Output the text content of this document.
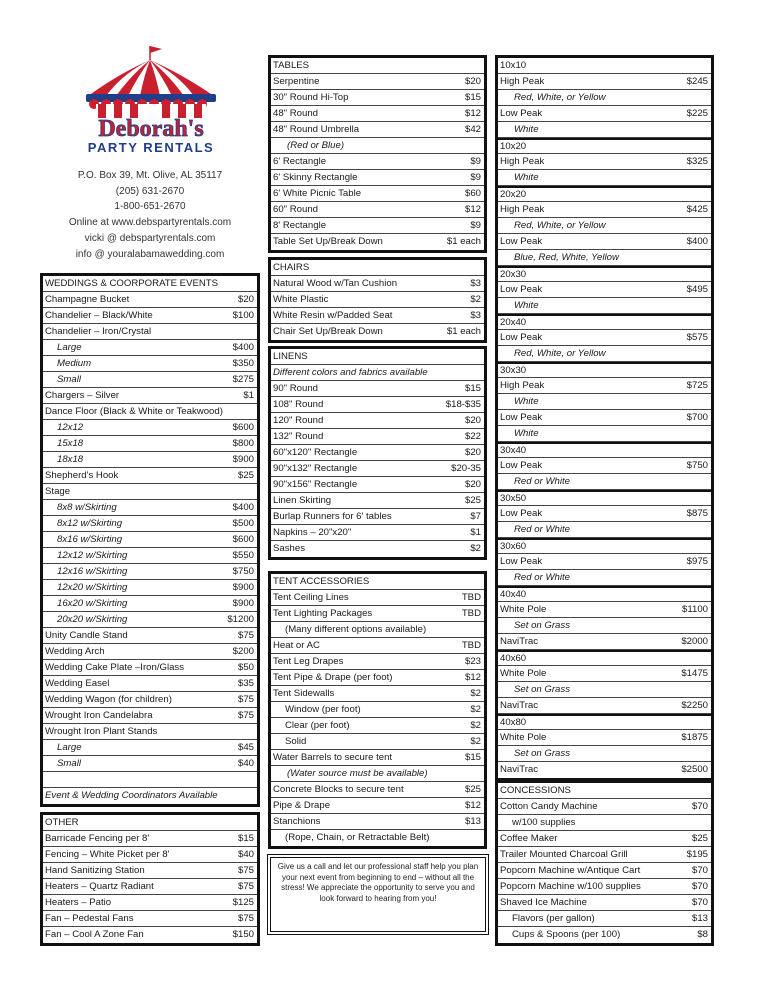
Deborah's
PARTY RENTALS
P.O. Box 39, Mt. Olive, AL 35117
(205) 631-2670
1-800-651-2670
Online at www.debspartyrentals.com
vicki @ debspartyrentals.com
info @ youralabamawedding.com
WEDDINGS & COORPORATE EVENTS
Champagne Bucket	$20
Chandelier – Black/White	$100
Chandelier – Iron/Crystal
Large	$400
Medium	$350
Small	$275
Chargers – Silver	$1
Dance Floor (Black & White or Teakwood)
12x12	$600
15x18	$800
18x18	$900
Shepherd's Hook	$25
Stage
8x8 w/Skirting	$400
8x12 w/Skirting	$500
8x16 w/Skirting	$600
12x12 w/Skirting	$550
12x16 w/Skirting	$750
12x20 w/Skirting	$900
16x20 w/Skirting	$900
20x20 w/Skirting	$1200
Unity Candle Stand	$75
Wedding Arch	$200
Wedding Cake Plate –Iron/Glass	$50
Wedding Easel	$35
Wedding Wagon (for children)	$75
Wrought Iron Candelabra	$75
Wrought Iron Plant Stands
Large	$45
Small	$40
Event & Wedding Coordinators Available
OTHER
Barricade Fencing per 8'	$15
Fencing – White Picket per 8'	$40
Hand Sanitizing Station	$75
Heaters – Quartz Radiant	$75
Heaters – Patio	$125
Fan – Pedestal Fans	$75
Fan – Cool A Zone Fan	$150
TABLES
Serpentine	$20
30" Round Hi-Top	$15
48" Round	$12
48" Round Umbrella	$42
(Red or Blue)
6' Rectangle	$9
6' Skinny Rectangle	$9
6' White Picnic Table	$60
60" Round	$12
8' Rectangle	$9
Table Set Up/Break Down	$1 each
CHAIRS
Natural Wood w/Tan Cushion	$3
White Plastic	$2
White Resin w/Padded Seat	$3
Chair Set Up/Break Down	$1 each
LINENS
Different colors and fabrics available
90" Round	$15
108" Round	$18-$35
120" Round	$20
132" Round	$22
60"x120" Rectangle	$20
90"x132" Rectangle	$20-35
90"x156" Rectangle	$20
Linen Skirting	$25
Burlap Runners for 6' tables	$7
Napkins – 20"x20"	$1
Sashes	$2
TENT ACCESSORIES
Tent Ceiling Lines	TBD
Tent Lighting Packages	TBD
(Many different options available)
Heat or AC	TBD
Tent Leg Drapes	$23
Tent Pipe & Drape (per foot)	$12
Tent Sidewalls	$2
Window (per foot)	$2
Clear (per foot)	$2
Solid	$2
Water Barrels to secure tent	$15
(Water source must be available)
Concrete Blocks to secure tent	$25
Pipe & Drape	$12
Stanchions	$13
(Rope, Chain, or Retractable Belt)
Give us a call and let our professional staff help you plan your next event from beginning to end – without all the stress! We appreciate the opportunity to serve you and look forward to hearing from you!
10x10
High Peak	$245
Red, White, or Yellow
Low Peak	$225
White
10x20
High Peak	$325
White
20x20
High Peak	$425
Red, White, or Yellow
Low Peak	$400
Blue, Red, White, Yellow
20x30
Low Peak	$495
White
20x40
Low Peak	$575
Red, White, or Yellow
30x30
High Peak	$725
White
Low Peak	$700
White
30x40
Low Peak	$750
Red or White
30x50
Low Peak	$875
Red or White
30x60
Low Peak	$975
Red or White
40x40
White Pole	$1100
Set on Grass
NaviTrac	$2000
40x60
White Pole	$1475
Set on Grass
NaviTrac	$2250
40x80
White Pole	$1875
Set on Grass
NaviTrac	$2500
CONCESSIONS
Cotton Candy Machine	$70
w/100 supplies
Coffee Maker	$25
Trailer Mounted Charcoal Grill	$195
Popcorn Machine w/Antique Cart	$70
Popcorn Machine w/100 supplies	$70
Shaved Ice Machine	$70
Flavors (per gallon)	$13
Cups & Spoons (per 100)	$8
